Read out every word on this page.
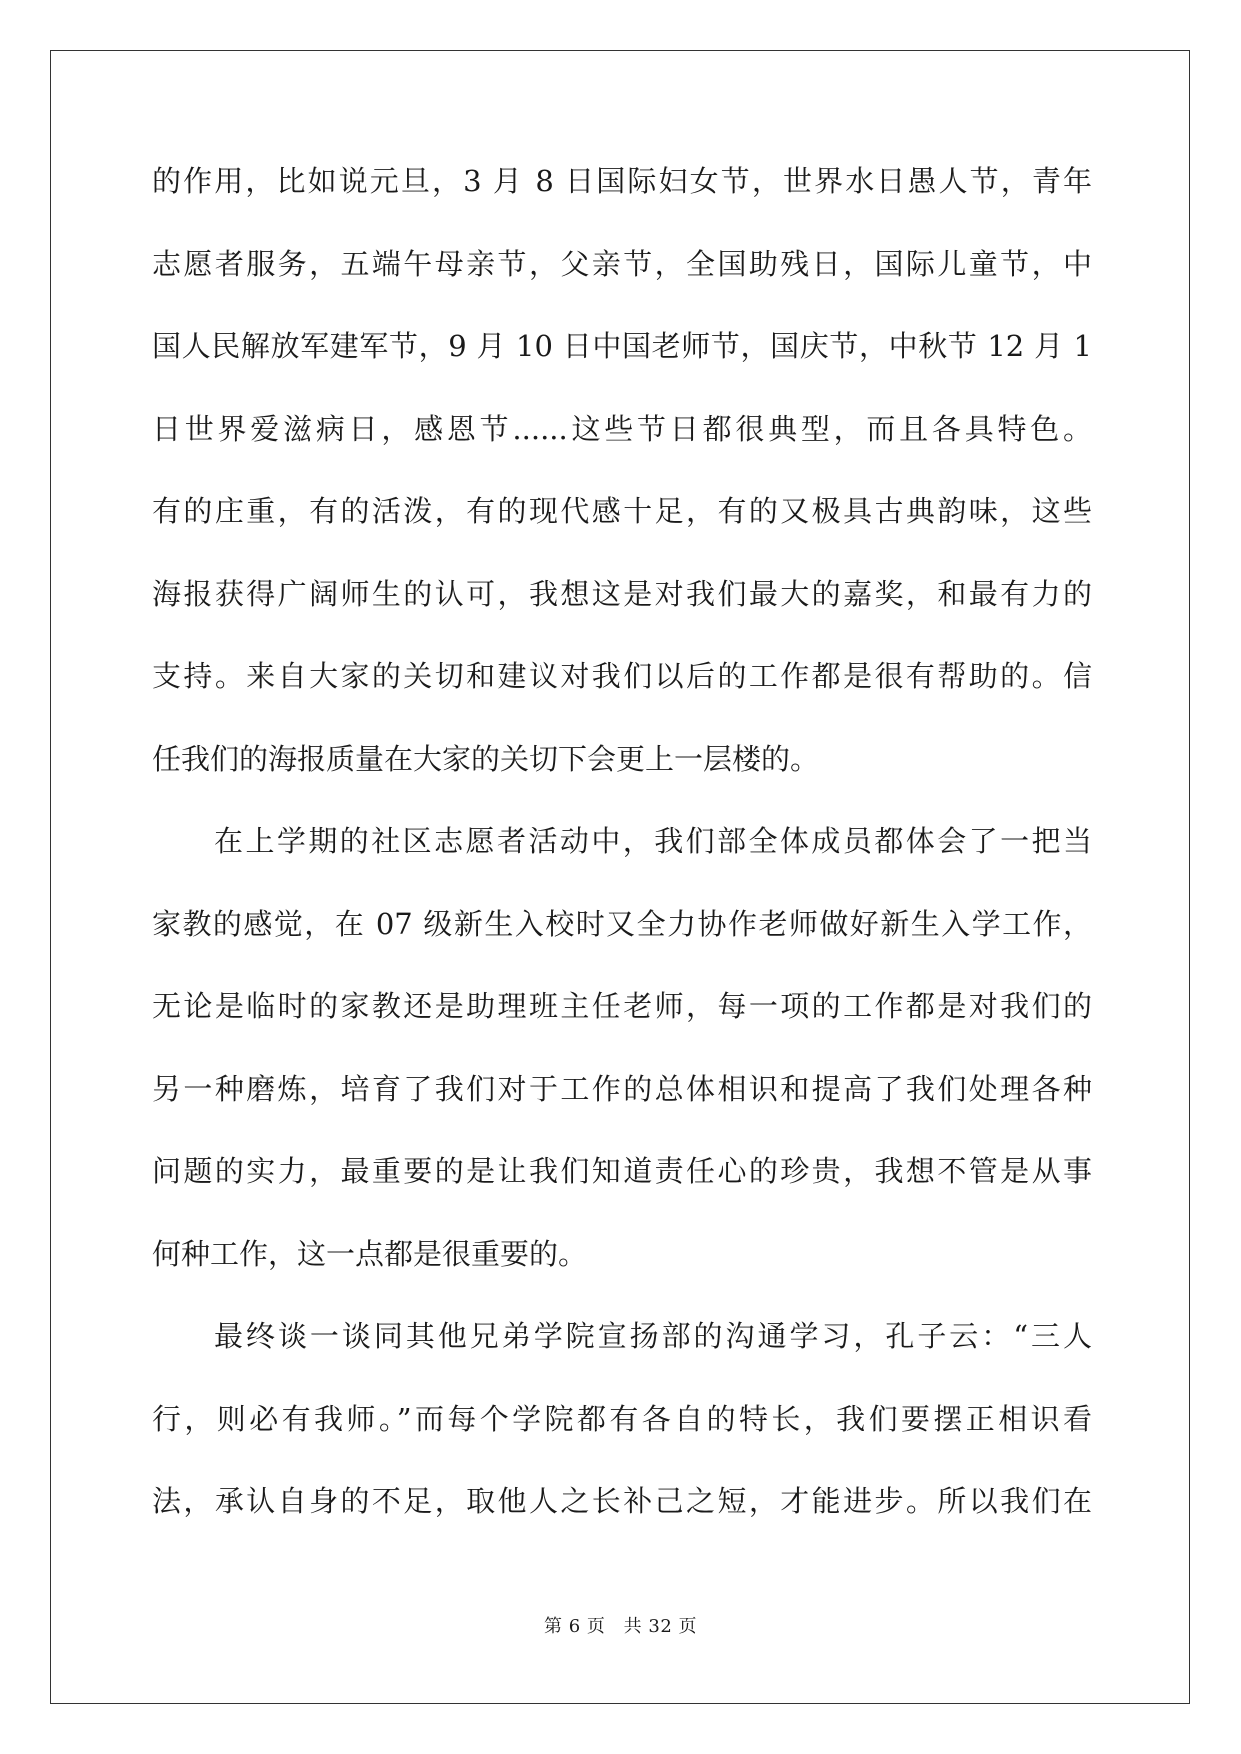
的作用，比如说元旦，3 月 8 日国际妇女节，世界水日愚人节，青年
志愿者服务，五端午母亲节，父亲节，全国助残日，国际儿童节，中
国人民解放军建军节，9 月 10 日中国老师节，国庆节，中秋节 12 月 1
日世界爱滋病日，感恩节......这些节日都很典型，而且各具特色。
有的庄重，有的活泼，有的现代感十足，有的又极具古典韵味，这些
海报获得广阔师生的认可，我想这是对我们最大的嘉奖，和最有力的
支持。来自大家的关切和建议对我们以后的工作都是很有帮助的。信
任我们的海报质量在大家的关切下会更上一层楼的。
在上学期的社区志愿者活动中，我们部全体成员都体会了一把当
家教的感觉，在 07 级新生入校时又全力协作老师做好新生入学工作，
无论是临时的家教还是助理班主任老师，每一项的工作都是对我们的
另一种磨炼，培育了我们对于工作的总体相识和提高了我们处理各种
问题的实力，最重要的是让我们知道责任心的珍贵，我想不管是从事
何种工作，这一点都是很重要的。
最终谈一谈同其他兄弟学院宣扬部的沟通学习，孔子云：“三人
行，则必有我师。”而每个学院都有各自的特长，我们要摆正相识看
法，承认自身的不足，取他人之长补己之短，才能进步。所以我们在
第 6 页 共 32 页
